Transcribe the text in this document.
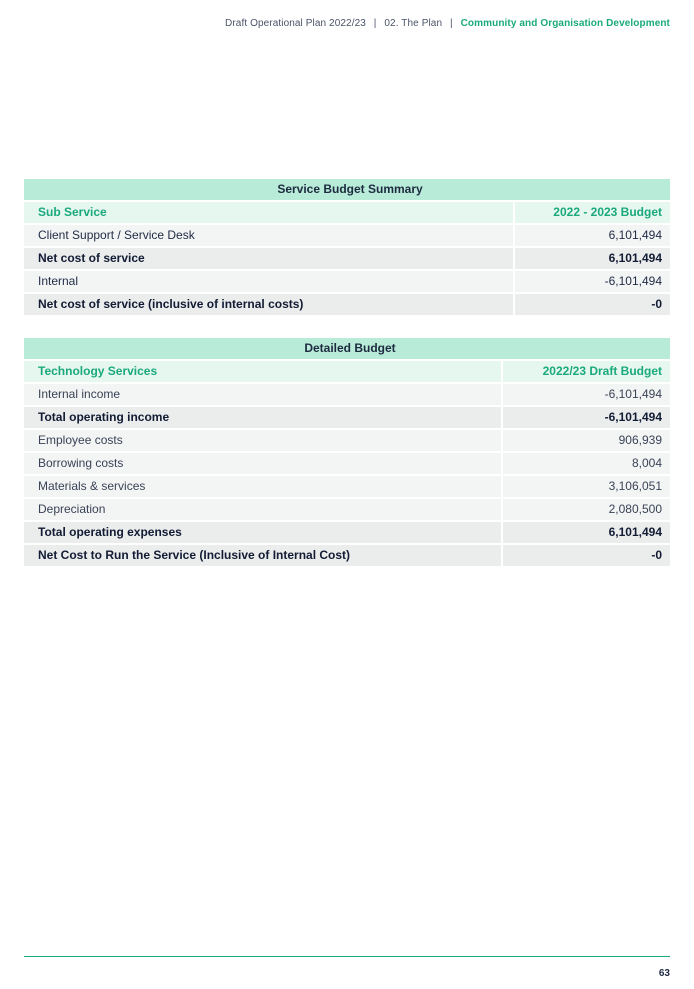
Draft Operational Plan 2022/23 | 02. The Plan | Community and Organisation Development
Service Budget Summary	
Sub Service	2022 - 2023 Budget
Client Support / Service Desk	6,101,494
Net cost of service	6,101,494
Internal	-6,101,494
Net cost of service (inclusive of internal costs)	-0
Detailed Budget	
Technology Services	2022/23 Draft Budget
Internal income	-6,101,494
Total operating income	-6,101,494
Employee costs	906,939
Borrowing costs	8,004
Materials & services	3,106,051
Depreciation	2,080,500
Total operating expenses	6,101,494
Net Cost to Run the Service (Inclusive of Internal Cost)	-0
63
